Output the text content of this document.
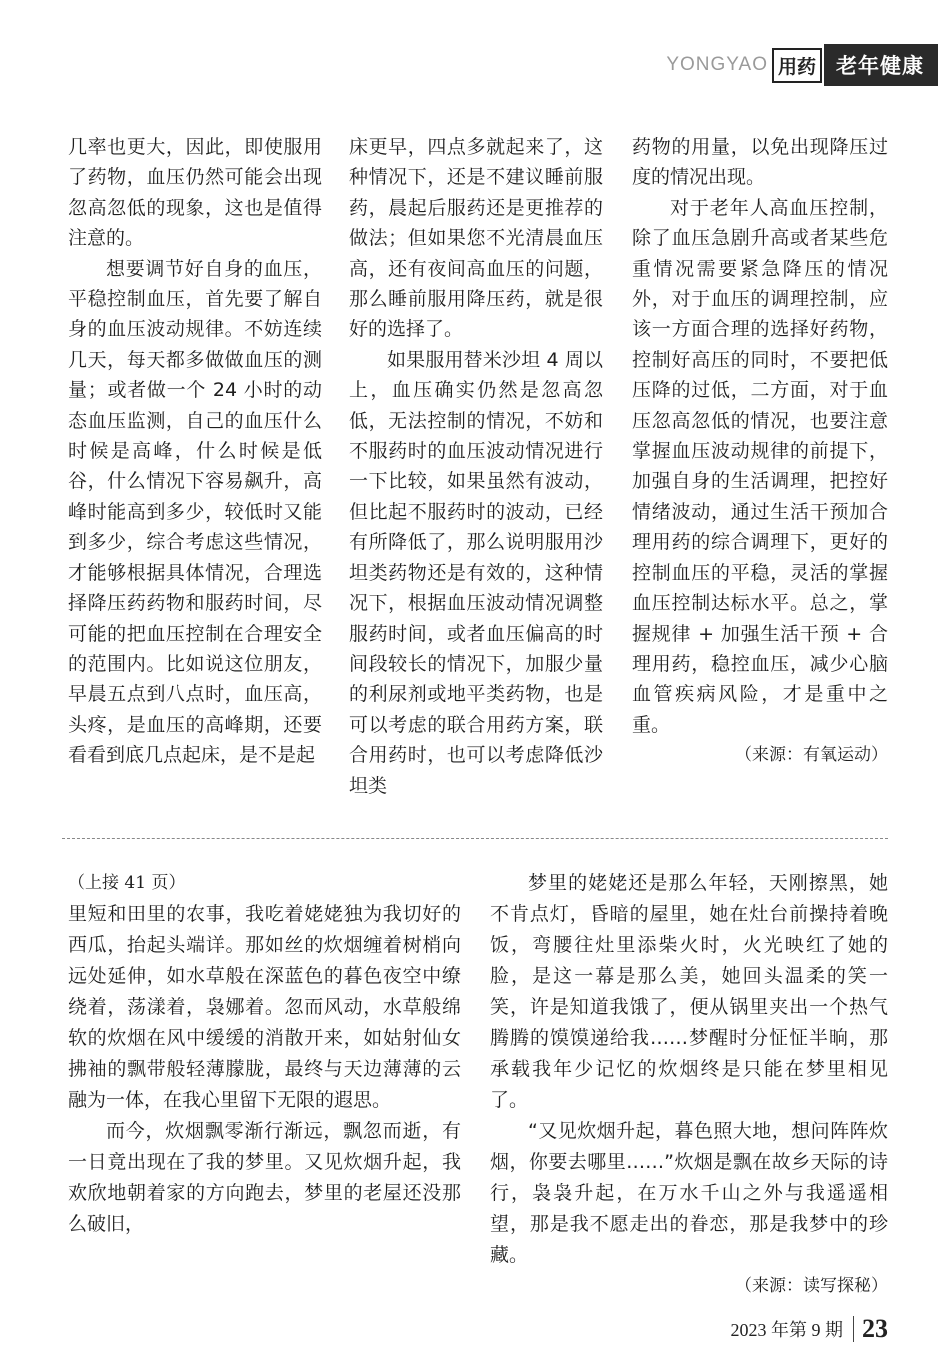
YONGYAO 用药 老年健康

几率也更大，因此，即使服用了药物，血压仍然可能会出现忽高忽低的现象，这也是值得注意的。

想要调节好自身的血压，平稳控制血压，首先要了解自身的血压波动规律。不妨连续几天，每天都多做做血压的测量；或者做一个 24 小时的动态血压监测，自己的血压什么时候是高峰，什么时候是低谷，什么情况下容易飙升，高峰时能高到多少，较低时又能到多少，综合考虑这些情况，才能够根据具体情况，合理选择降压药药物和服药时间，尽可能的把血压控制在合理安全的范围内。比如说这位朋友，早晨五点到八点时，血压高，头疼，是血压的高峰期，还要看看到底几点起床，是不是起

床更早，四点多就起来了，这种情况下，还是不建议睡前服药，晨起后服药还是更推荐的做法；但如果您不光清晨血压高，还有夜间高血压的问题，那么睡前服用降压药，就是很好的选择了。

如果服用替米沙坦 4 周以上，血压确实仍然是忽高忽低，无法控制的情况，不妨和不服药时的血压波动情况进行一下比较，如果虽然有波动，但比起不服药时的波动，已经有所降低了，那么说明服用沙坦类药物还是有效的，这种情况下，根据血压波动情况调整服药时间，或者血压偏高的时间段较长的情况下，加服少量的利尿剂或地平类药物，也是可以考虑的联合用药方案，联合用药时，也可以考虑降低沙坦类

药物的用量，以免出现降压过度的情况出现。

对于老年人高血压控制，除了血压急剧升高或者某些危重情况需要紧急降压的情况外，对于血压的调理控制，应该一方面合理的选择好药物，控制好高压的同时，不要把低压降的过低，二方面，对于血压忽高忽低的情况，也要注意掌握血压波动规律的前提下，加强自身的生活调理，把控好情绪波动，通过生活干预加合理用药的综合调理下，更好的控制血压的平稳，灵活的掌握血压控制达标水平。总之，掌握规律 + 加强生活干预 + 合理用药，稳控血压，减少心脑血管疾病风险，才是重中之重。

（来源：有氧运动）

（上接 41 页）

里短和田里的农事，我吃着姥姥独为我切好的西瓜，抬起头端详。那如丝的炊烟缠着树梢向远处延伸，如水草般在深蓝色的暮色夜空中缭绕着，荡漾着，袅娜着。忽而风动，水草般绵软的炊烟在风中缓缓的消散开来，如姑射仙女拂袖的飘带般轻薄朦胧，最终与天边薄薄的云融为一体，在我心里留下无限的遐思。

而今，炊烟飘零渐行渐远，飘忽而逝，有一日竟出现在了我的梦里。又见炊烟升起，我欢欣地朝着家的方向跑去，梦里的老屋还没那么破旧，

梦里的姥姥还是那么年轻，天刚擦黑，她不肯点灯，昏暗的屋里，她在灶台前操持着晚饭，弯腰往灶里添柴火时，火光映红了她的脸，是这一幕是那么美，她回头温柔的笑一笑，许是知道我饿了，便从锅里夹出一个热气腾腾的馍馍递给我……梦醒时分怔怔半晌，那承载我年少记忆的炊烟终是只能在梦里相见了。

“又见炊烟升起，暮色照大地，想问阵阵炊烟，你要去哪里……”炊烟是飘在故乡天际的诗行，袅袅升起，在万水千山之外与我遥遥相望，那是我不愿走出的眷恋，那是我梦中的珍藏。

（来源：读写探秘）

2023 年第 9 期 23
